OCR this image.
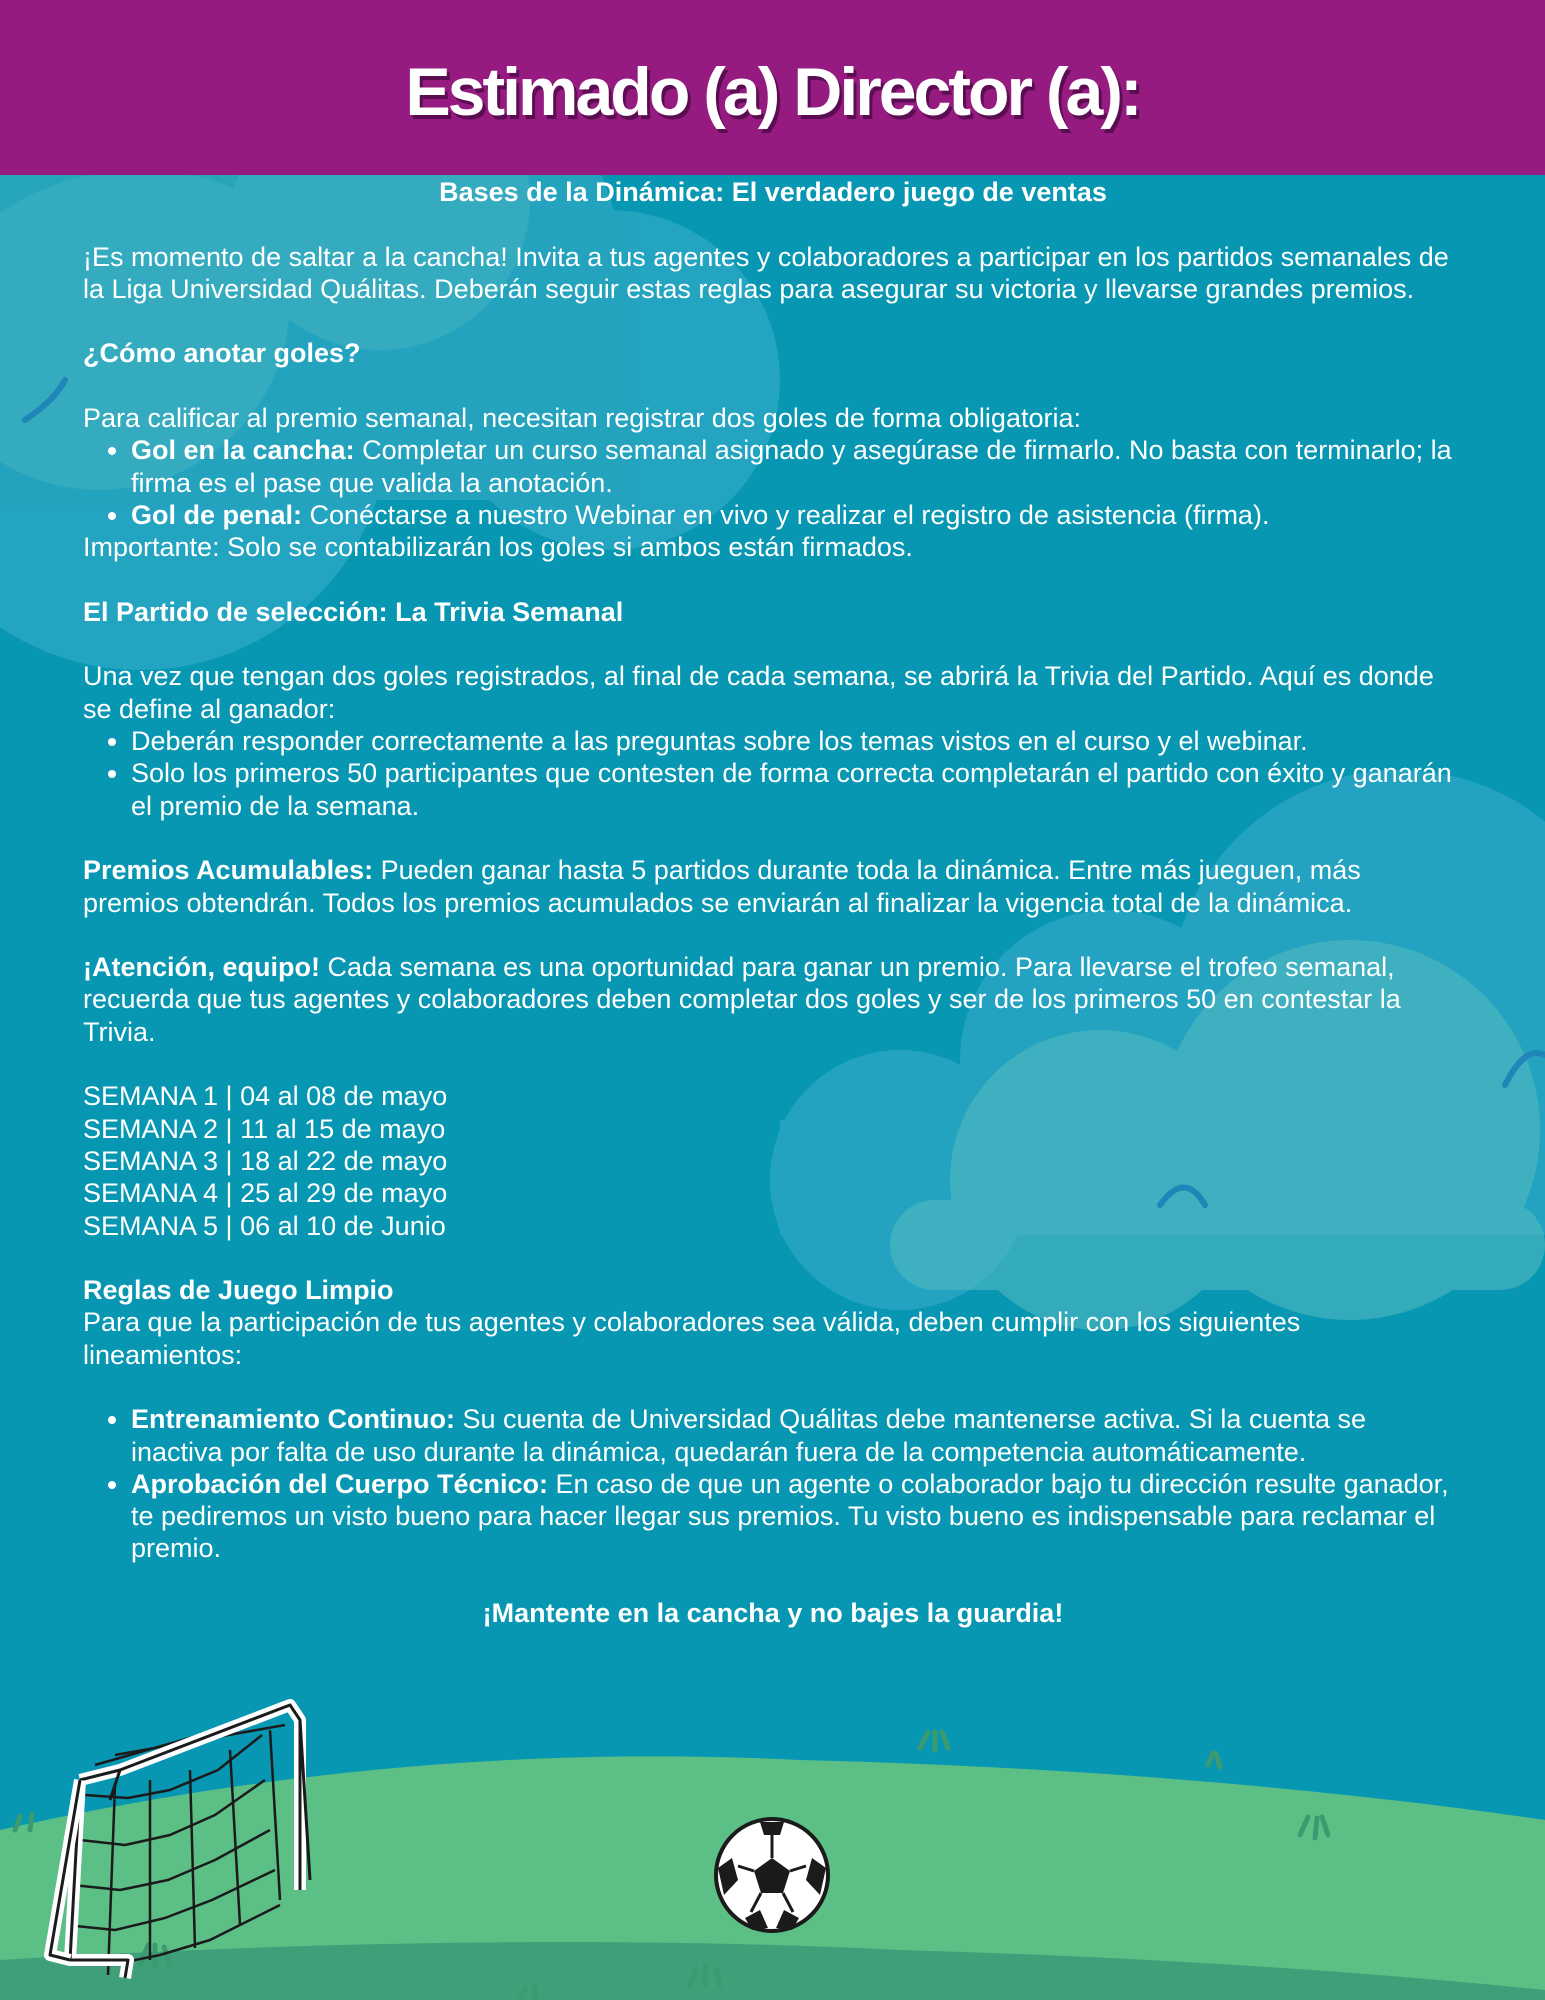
Estimado (a) Director (a):

Bases de la Dinámica: El verdadero juego de ventas

¡Es momento de saltar a la cancha! Invita a tus agentes y colaboradores a participar en los partidos semanales de la Liga Universidad Quálitas. Deberán seguir estas reglas para asegurar su victoria y llevarse grandes premios.

¿Cómo anotar goles?

Para calificar al premio semanal, necesitan registrar dos goles de forma obligatoria:

• Gol en la cancha: Completar un curso semanal asignado y asegúrase de firmarlo. No basta con terminarlo; la firma es el pase que valida la anotación.
• Gol de penal: Conéctarse a nuestro Webinar en vivo y realizar el registro de asistencia (firma).

Importante: Solo se contabilizarán los goles si ambos están firmados.

El Partido de selección: La Trivia Semanal

Una vez que tengan dos goles registrados, al final de cada semana, se abrirá la Trivia del Partido. Aquí es donde se define al ganador:

• Deberán responder correctamente a las preguntas sobre los temas vistos en el curso y el webinar.
• Solo los primeros 50 participantes que contesten de forma correcta completarán el partido con éxito y ganarán el premio de la semana.

Premios Acumulables: Pueden ganar hasta 5 partidos durante toda la dinámica. Entre más jueguen, más premios obtendrán. Todos los premios acumulados se enviarán al finalizar la vigencia total de la dinámica.

¡Atención, equipo! Cada semana es una oportunidad para ganar un premio. Para llevarse el trofeo semanal, recuerda que tus agentes y colaboradores deben completar dos goles y ser de los primeros 50 en contestar la Trivia.

SEMANA 1 | 04 al 08 de mayo

SEMANA 2 | 11 al 15 de mayo

SEMANA 3 | 18 al 22 de mayo

SEMANA 4 | 25 al 29 de mayo

SEMANA 5 | 06 al 10 de Junio

Reglas de Juego Limpio

Para que la participación de tus agentes y colaboradores sea válida, deben cumplir con los siguientes lineamientos:

• Entrenamiento Continuo: Su cuenta de Universidad Quálitas debe mantenerse activa. Si la cuenta se inactiva por falta de uso durante la dinámica, quedarán fuera de la competencia automáticamente.
• Aprobación del Cuerpo Técnico: En caso de que un agente o colaborador bajo tu dirección resulte ganador, te pediremos un visto bueno para hacer llegar sus premios. Tu visto bueno es indispensable para reclamar el premio.

¡Mantente en la cancha y no bajes la guardia!
